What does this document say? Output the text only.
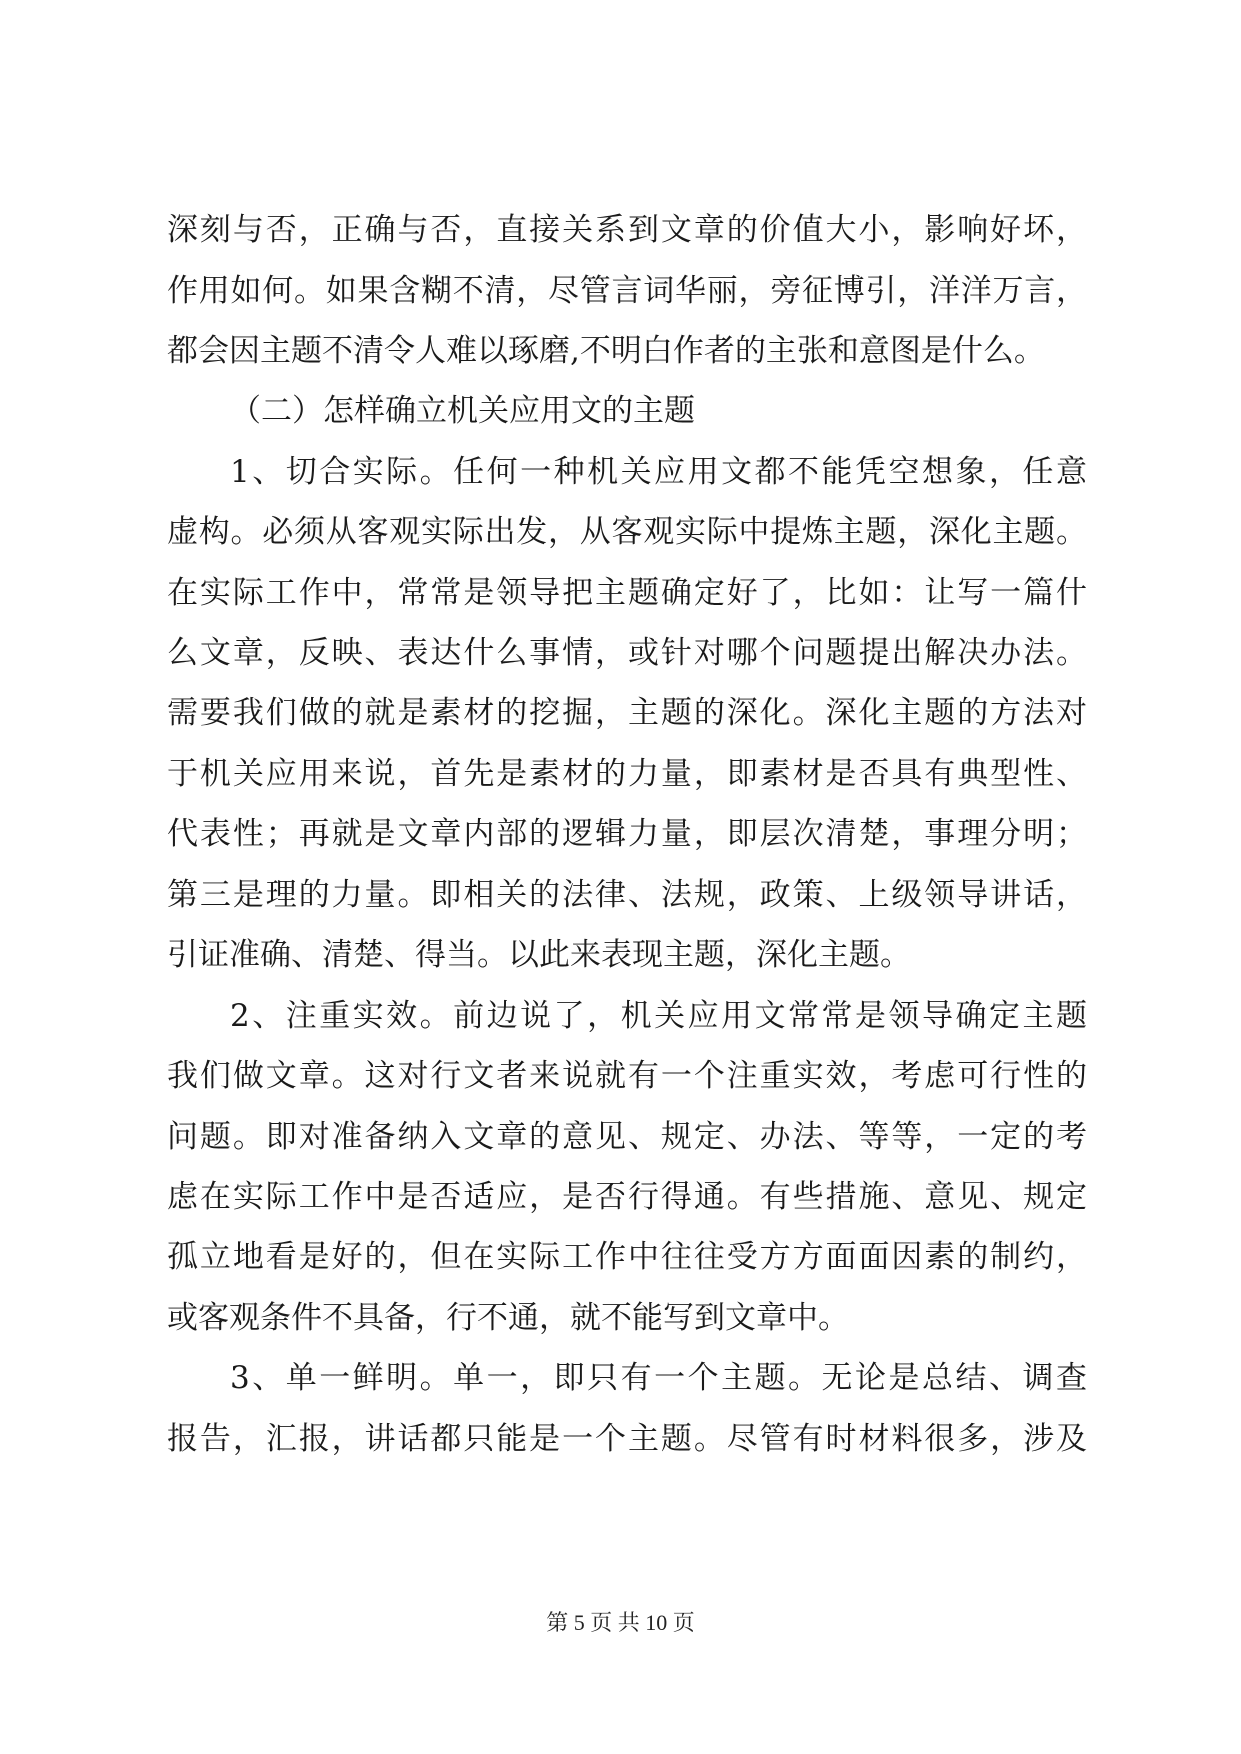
深刻与否，正确与否，直接关系到文章的价值大小，影响好坏，
作用如何。如果含糊不清，尽管言词华丽，旁征博引，洋洋万言，
都会因主题不清令人难以琢磨,不明白作者的主张和意图是什么。
（二）怎样确立机关应用文的主题
1、切合实际。任何一种机关应用文都不能凭空想象，任意
虚构。必须从客观实际出发，从客观实际中提炼主题，深化主题。
在实际工作中，常常是领导把主题确定好了，比如：让写一篇什
么文章，反映、表达什么事情，或针对哪个问题提出解决办法。
需要我们做的就是素材的挖掘，主题的深化。深化主题的方法对
于机关应用来说，首先是素材的力量，即素材是否具有典型性、
代表性；再就是文章内部的逻辑力量，即层次清楚，事理分明；
第三是理的力量。即相关的法律、法规，政策、上级领导讲话，
引证准确、清楚、得当。以此来表现主题，深化主题。
2、注重实效。前边说了，机关应用文常常是领导确定主题
我们做文章。这对行文者来说就有一个注重实效，考虑可行性的
问题。即对准备纳入文章的意见、规定、办法、等等，一定的考
虑在实际工作中是否适应，是否行得通。有些措施、意见、规定
孤立地看是好的，但在实际工作中往往受方方面面因素的制约，
或客观条件不具备，行不通，就不能写到文章中。
3、单一鲜明。单一，即只有一个主题。无论是总结、调查
报告，汇报，讲话都只能是一个主题。尽管有时材料很多，涉及
第 5 页 共 10 页
